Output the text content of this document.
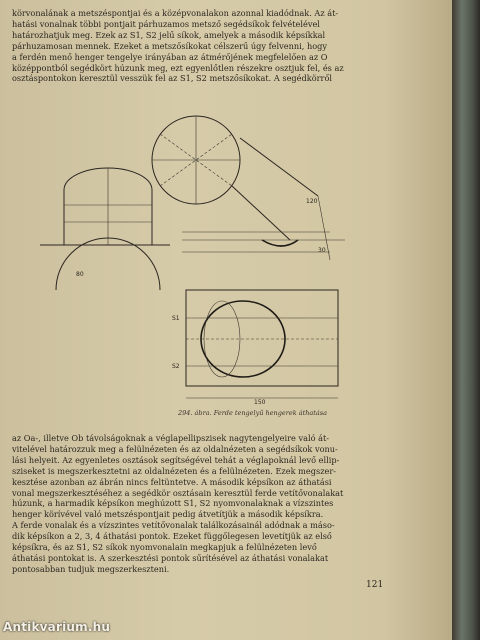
körvonalának a metszéspontjai és a középvonalakon azonnal kiadódnak. Az át-

hatási vonalnak többi pontjait párhuzamos metsző segédsíkok felvételével

határozhatjuk meg. Ezek az S1, S2 jelű síkok, amelyek a második képsíkkal

párhuzamosan mennek. Ezeket a metszősíkokat célszerű úgy felvenni, hogy

a ferdén menő henger tengelye irányában az átmérőjének megfelelően az O

középpontból segédkört húzunk meg, ezt egyenlőtlen részekre osztjuk fel, és az

osztáspontokon keresztül vesszük fel az S1, S2 metszősíkokat. A segédkörről

120
30
80
S1
S2
150
294. ábra. Ferde tengelyű hengerek áthatása

az Oa-, illetve Ob távolságoknak a véglapellipszisek nagytengelyeire való át-

vitelével határozzuk meg a felülnézeten és az oldalnézeten a segédsíkok vonu-

lási helyeit. Az egyenletes osztások segítségével tehát a véglapoknál levő ellip-

sziseket is megszerkesztetni az oldalnézeten és a felülnézeten. Ezek megszer-

kesztése azonban az ábrán nincs feltüntetve. A második képsíkon az áthatási

vonal megszerkesztéséhez a segédkör osztásain keresztül ferde vetítővonalakat

húzunk, a harmadik képsíkon meghúzott S1, S2 nyomvonalaknak a vízszintes

henger körívével való metszéspontjait pedig átvetítjük a második képsíkra.

A ferde vonalak és a vízszintes vetítővonalak találkozásainál adódnak a máso-

dik képsíkon a 2, 3, 4 áthatási pontok. Ezeket függőlegesen levetítjük az első

képsíkra, és az S1, S2 síkok nyomvonalain megkapjuk a felülnézeten levő

áthatási pontokat is. A szerkesztési pontok sűrítésével az áthatási vonalakat

pontosabban tudjuk megszerkeszteni.

121
Antikvarium.hu
